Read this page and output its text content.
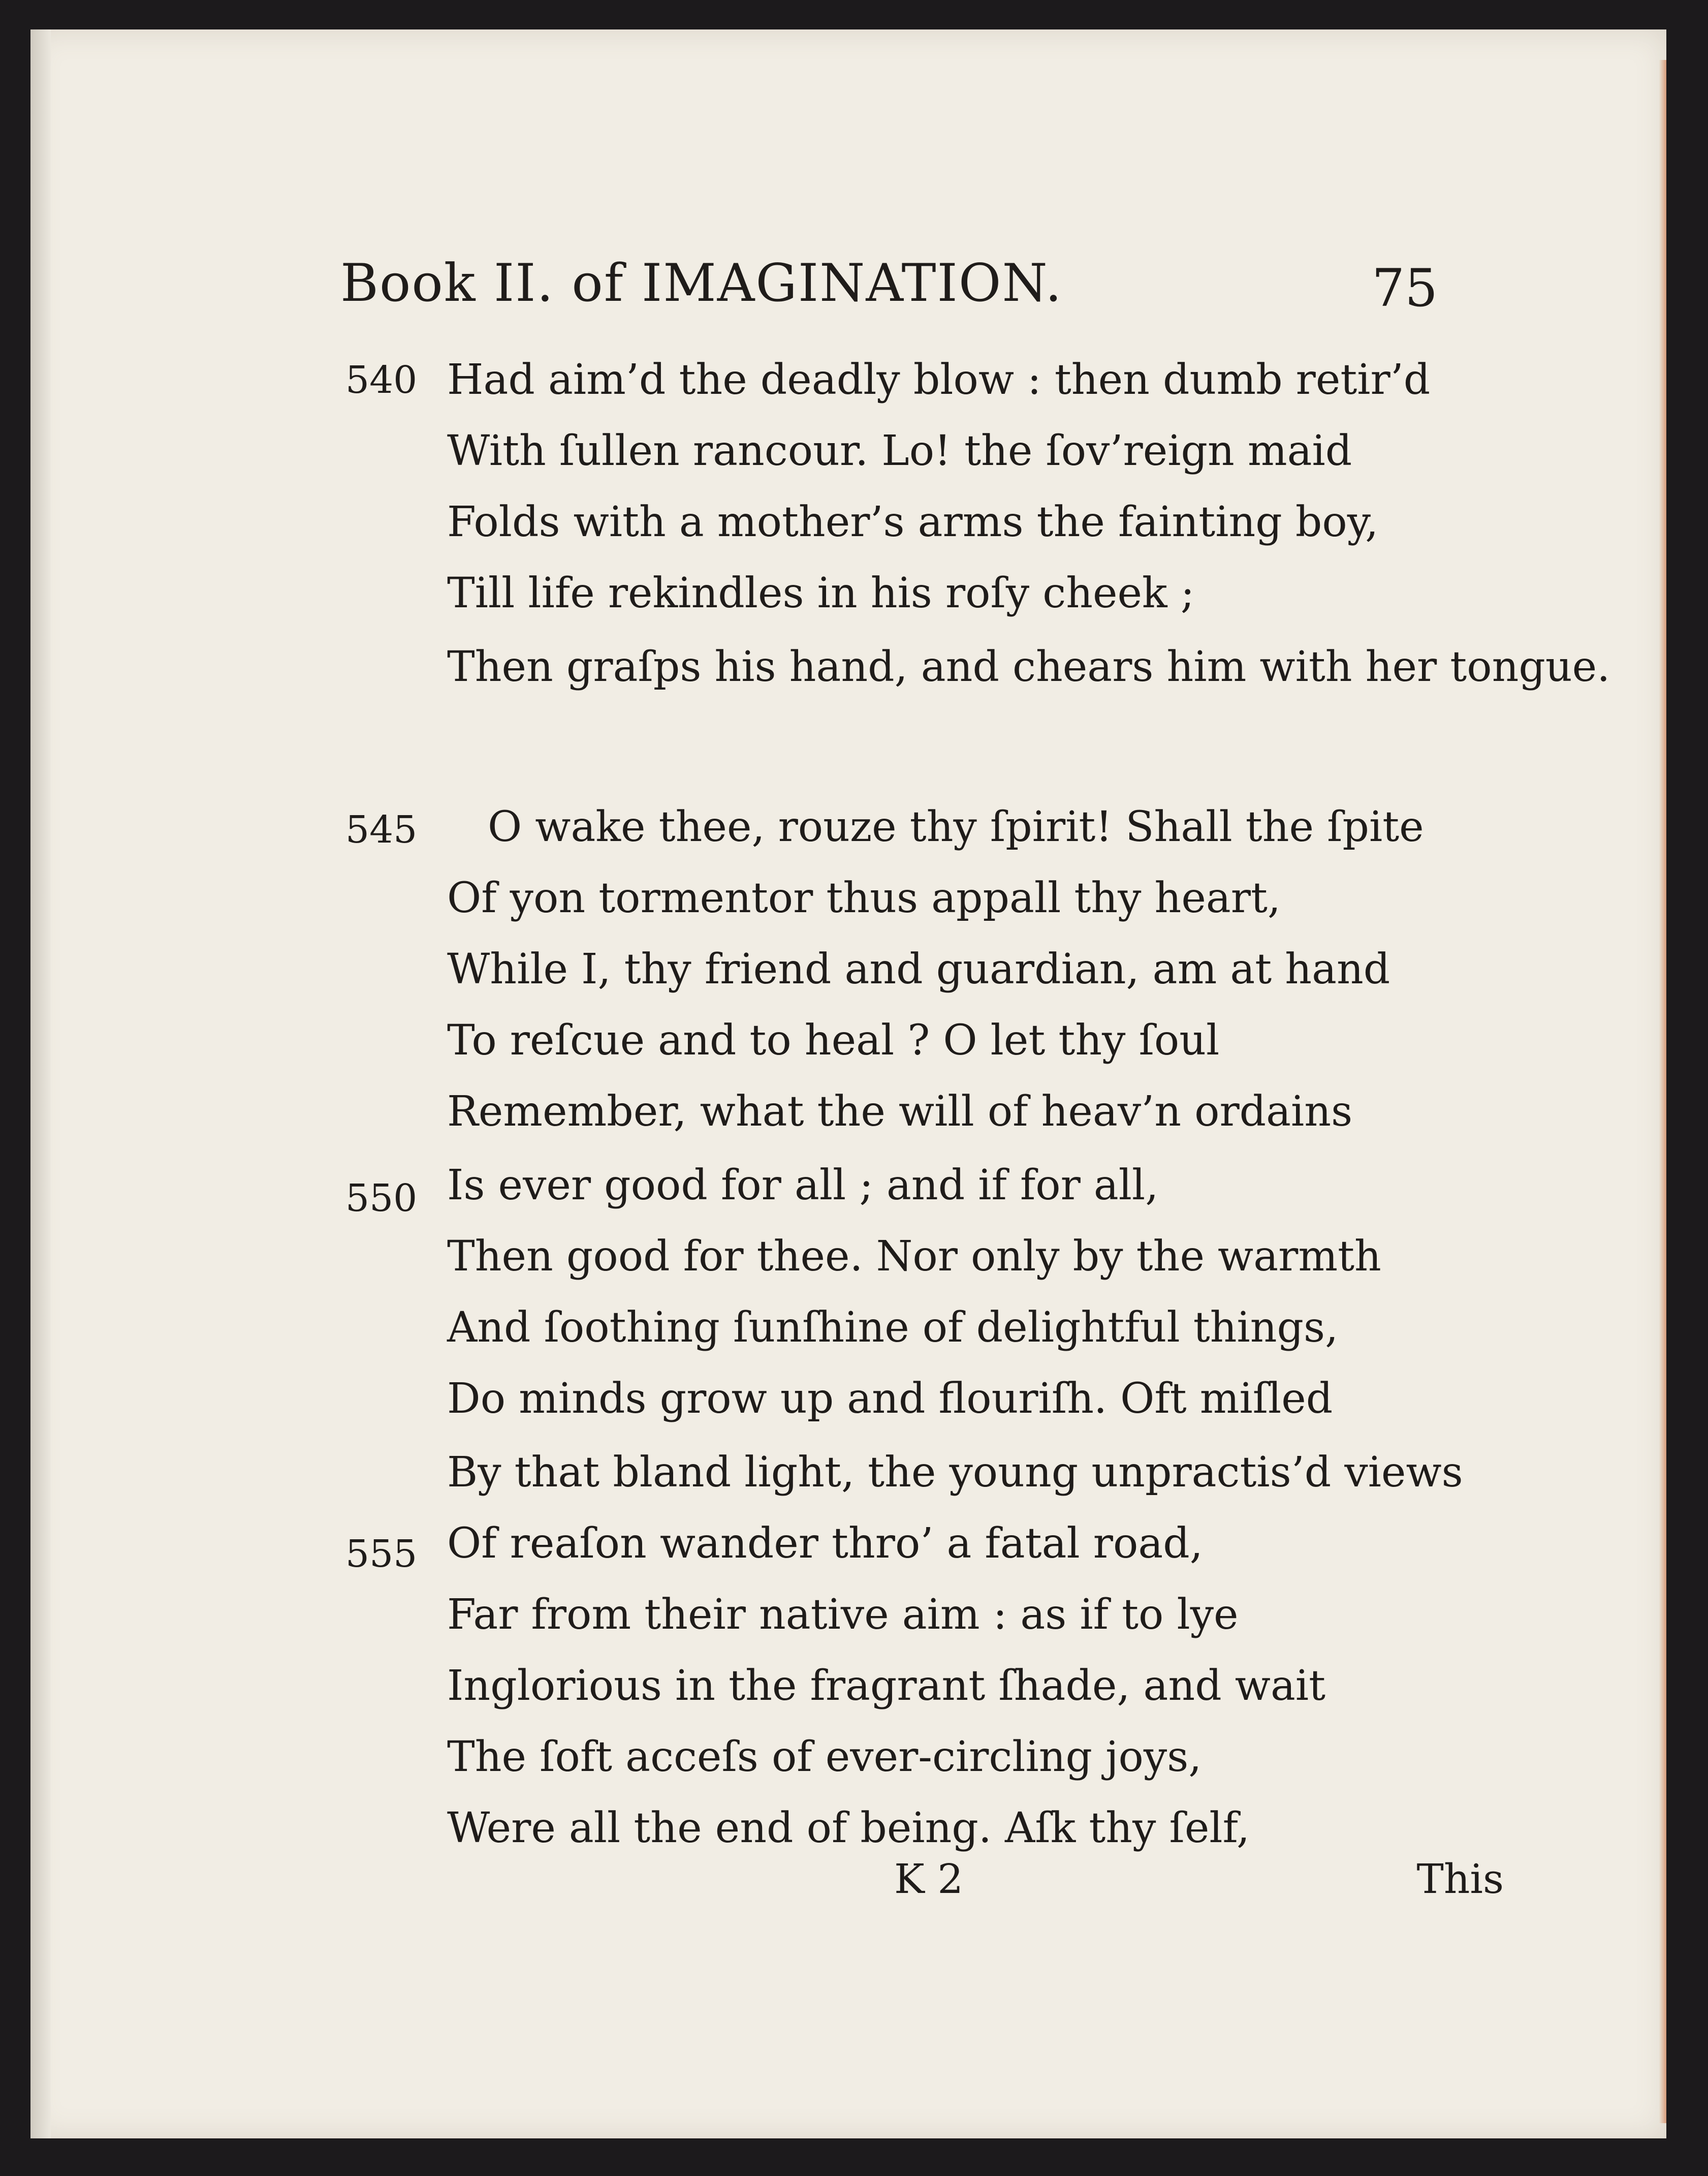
Book II. of IMAGINATION.	75
540
545
550
555
Had aim’d the deadly blow : then dumb retir’d
With ſullen rancour. Lo! the ſov’reign maid
Folds with a mother’s arms the fainting boy,
Till life rekindles in his roſy cheek ;
Then graſps his hand, and chears him with her tongue.
O wake thee, rouze thy ſpirit! Shall the ſpite
Of yon tormentor thus appall thy heart,
While I, thy friend and guardian, am at hand
To reſcue and to heal ? O let thy ſoul
Remember, what the will of heav’n ordains
Is ever good for all ; and if for all,
Then good for thee. Nor only by the warmth
And ſoothing ſunſhine of delightful things,
Do minds grow up and flouriſh. Oft miſled
By that bland light, the young unpractis’d views
Of reaſon wander thro’ a fatal road,
Far from their native aim : as if to lye
Inglorious in the fragrant ſhade, and wait
The ſoft acceſs of ever-circling joys,
Were all the end of being. Aſk thy ſelf,
K 2	This
